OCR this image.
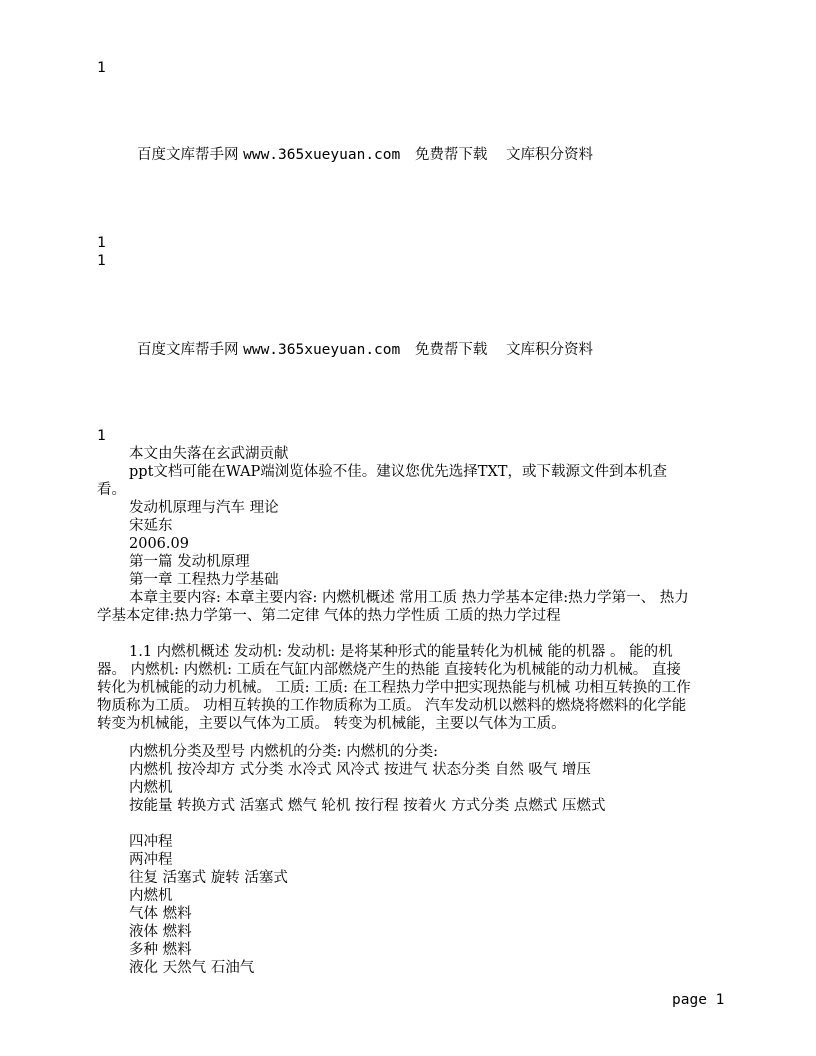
1
百度文库帮手网 www.365xueyuan.com 免费帮下载 文库积分资料
1
1
百度文库帮手网 www.365xueyuan.com 免费帮下载 文库积分资料
1
本文由失落在玄武湖贡献
ppt文档可能在WAP端浏览体验不佳。建议您优先选择TXT，或下载源文件到本机查看。
发动机原理与汽车 理论
宋延东
2006.09
第一篇 发动机原理
第一章 工程热力学基础
本章主要内容: 本章主要内容: 内燃机概述 常用工质 热力学基本定律:热力学第一、 热力学基本定律:热力学第一、第二定律 气体的热力学性质 工质的热力学过程
1.1 内燃机概述 发动机: 发动机: 是将某种形式的能量转化为机械 能的机器 。 能的机器。 内燃机: 内燃机: 工质在气缸内部燃烧产生的热能 直接转化为机械能的动力机械。 直接转化为机械能的动力机械。 工质: 工质: 在工程热力学中把实现热能与机械 功相互转换的工作物质称为工质。 功相互转换的工作物质称为工质。 汽车发动机以燃料的燃烧将燃料的化学能 转变为机械能，主要以气体为工质。 转变为机械能，主要以气体为工质。
内燃机分类及型号 内燃机的分类: 内燃机的分类:
内燃机 按冷却方 式分类 水冷式 风冷式 按进气 状态分类 自然 吸气 增压
内燃机
按能量 转换方式 活塞式 燃气 轮机 按行程 按着火 方式分类 点燃式 压燃式
四冲程
两冲程
往复 活塞式 旋转 活塞式
内燃机
气体 燃料
液体 燃料
多种 燃料
液化 天然气 石油气
page 1
